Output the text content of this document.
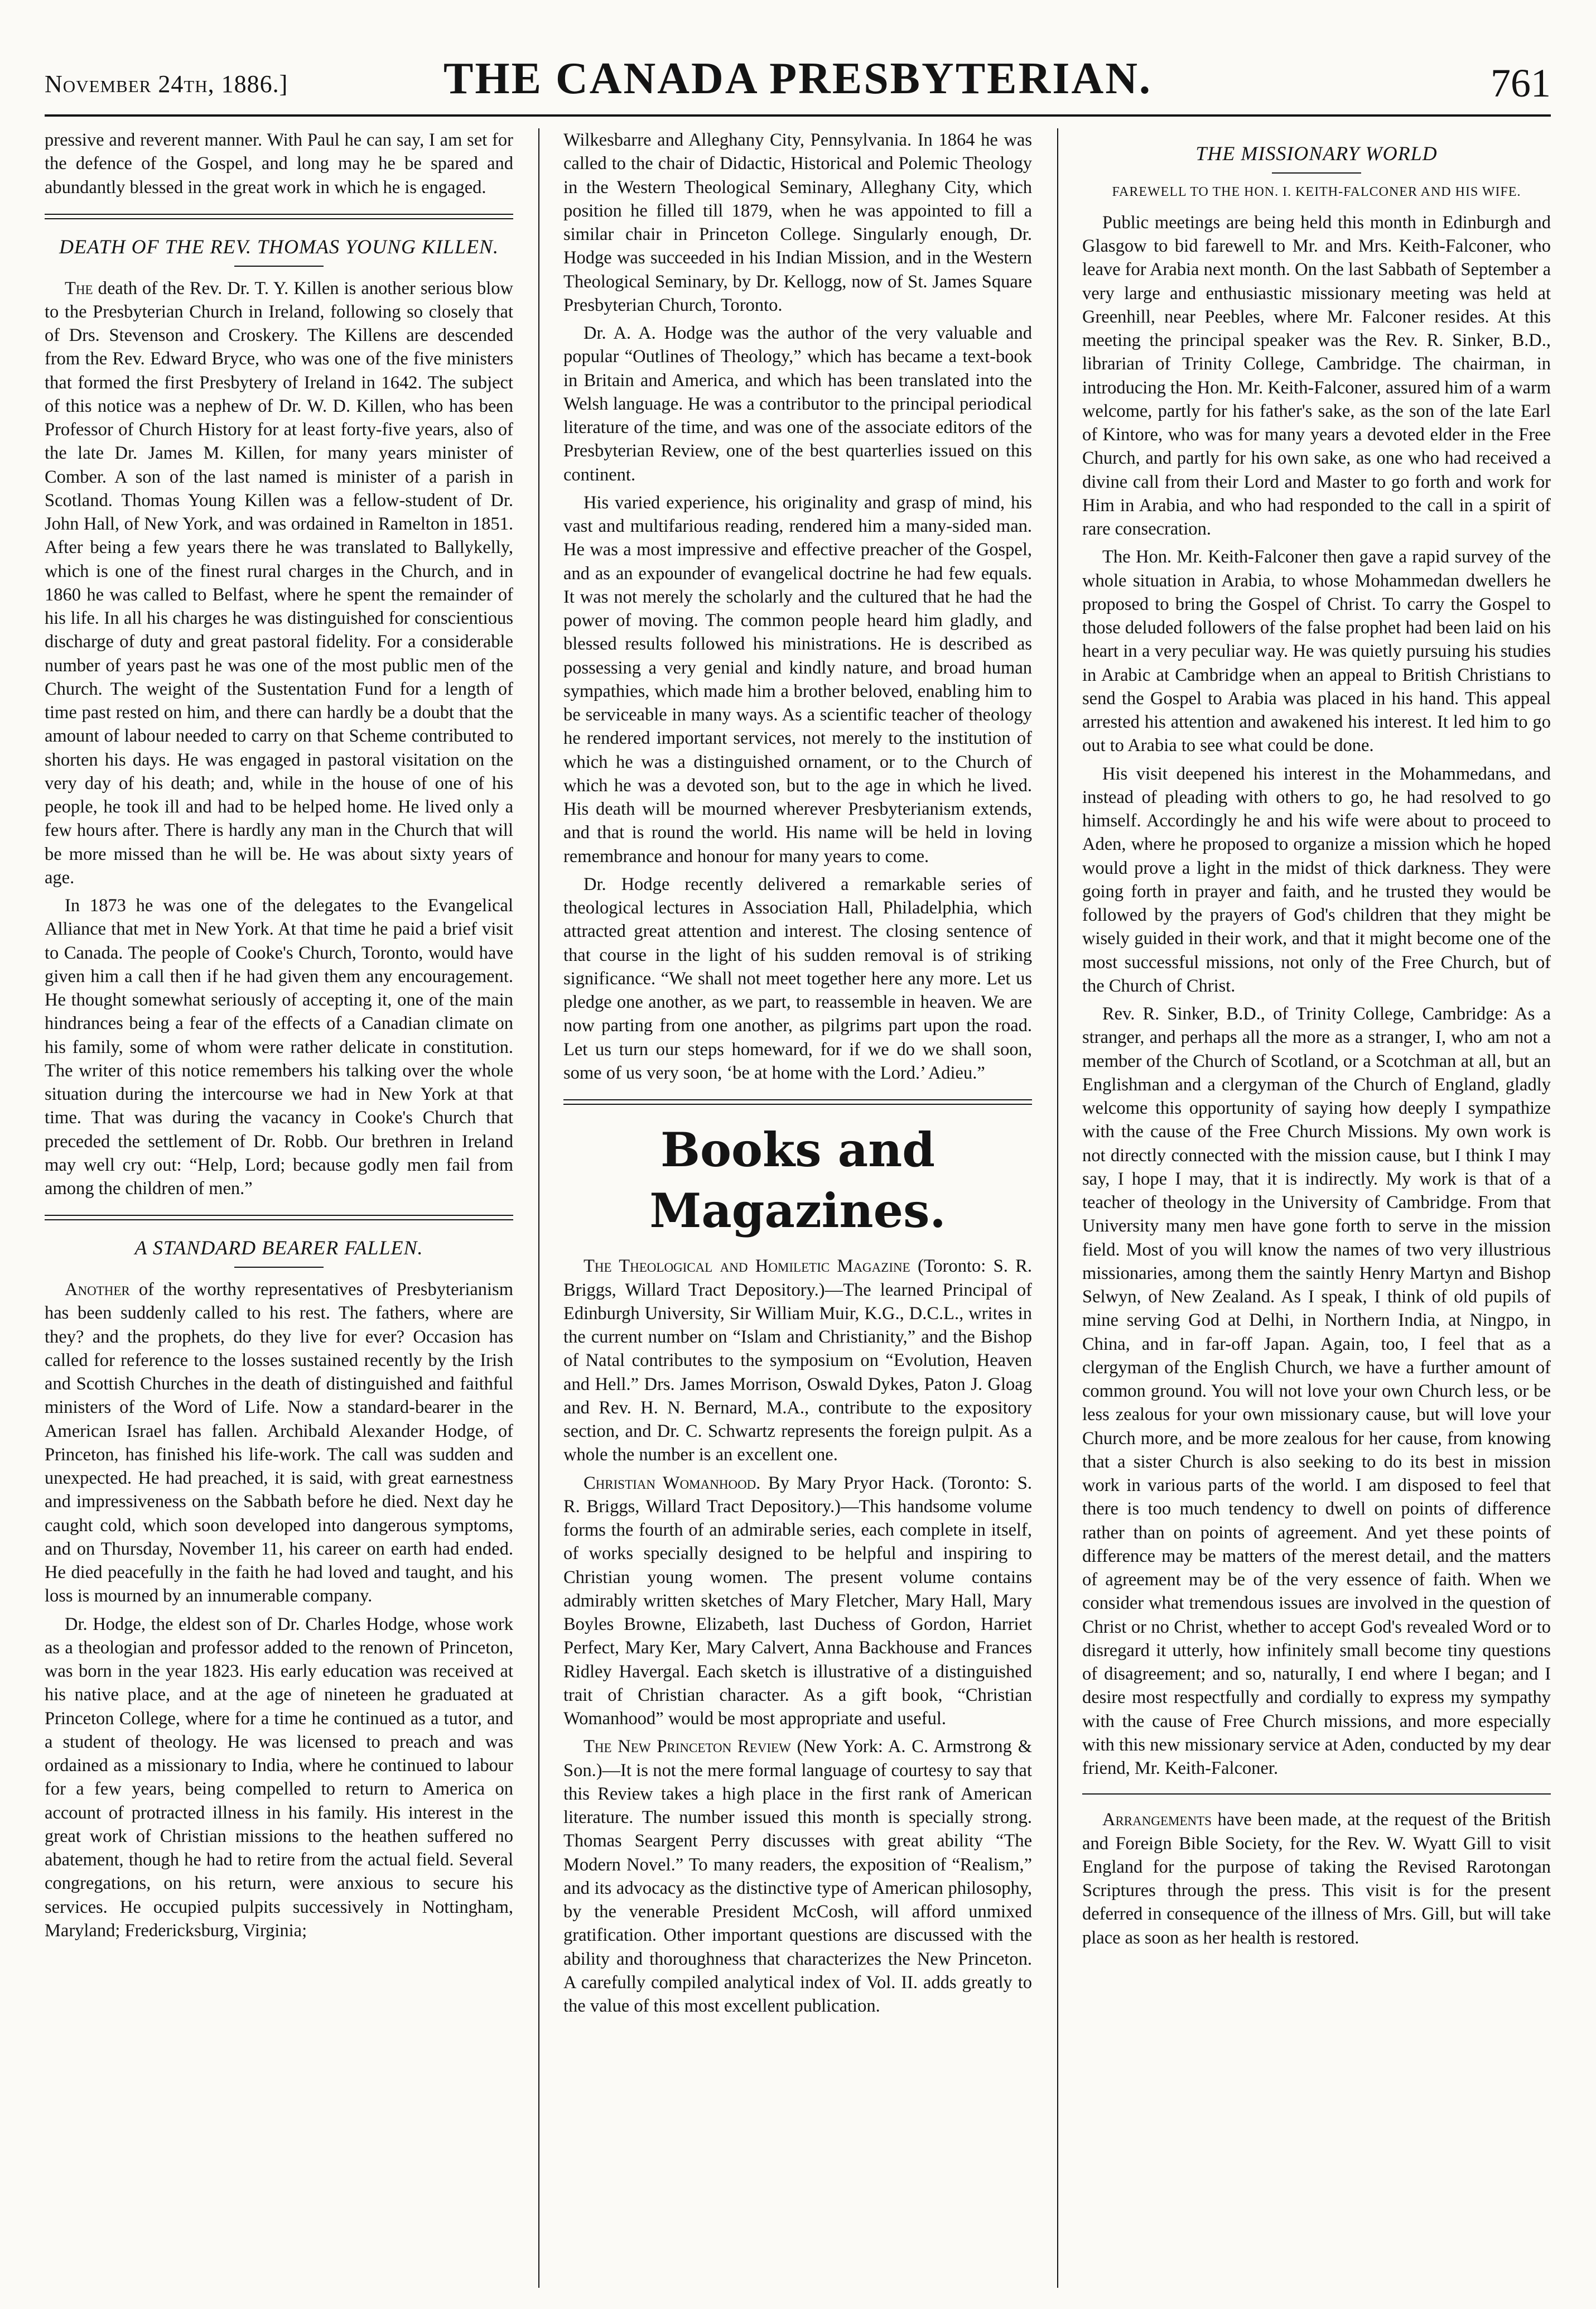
November 24th, 1886.]	THE CANADA PRESBYTERIAN.	761

pressive and reverent manner. With Paul he can say, I am set for the defence of the Gospel, and long may he be spared and abundantly blessed in the great work in which he is engaged.

DEATH OF THE REV. THOMAS YOUNG KILLEN.

The death of the Rev. Dr. T. Y. Killen is another serious blow to the Presbyterian Church in Ireland, following so closely that of Drs. Stevenson and Croskery. The Killens are descended from the Rev. Edward Bryce, who was one of the five ministers that formed the first Presbytery of Ireland in 1642. The subject of this notice was a nephew of Dr. W. D. Killen, who has been Professor of Church History for at least forty-five years, also of the late Dr. James M. Killen, for many years minister of Comber. A son of the last named is minister of a parish in Scotland. Thomas Young Killen was a fellow-student of Dr. John Hall, of New York, and was ordained in Ramelton in 1851. After being a few years there he was translated to Ballykelly, which is one of the finest rural charges in the Church, and in 1860 he was called to Belfast, where he spent the remainder of his life. In all his charges he was distinguished for conscientious discharge of duty and great pastoral fidelity. For a considerable number of years past he was one of the most public men of the Church. The weight of the Sustentation Fund for a length of time past rested on him, and there can hardly be a doubt that the amount of labour needed to carry on that Scheme contributed to shorten his days. He was engaged in pastoral visitation on the very day of his death; and, while in the house of one of his people, he took ill and had to be helped home. He lived only a few hours after. There is hardly any man in the Church that will be more missed than he will be. He was about sixty years of age.

In 1873 he was one of the delegates to the Evangelical Alliance that met in New York. At that time he paid a brief visit to Canada. The people of Cooke's Church, Toronto, would have given him a call then if he had given them any encouragement. He thought somewhat seriously of accepting it, one of the main hindrances being a fear of the effects of a Canadian climate on his family, some of whom were rather delicate in constitution. The writer of this notice remembers his talking over the whole situation during the intercourse we had in New York at that time. That was during the vacancy in Cooke's Church that preceded the settlement of Dr. Robb. Our brethren in Ireland may well cry out: “Help, Lord; because godly men fail from among the children of men.”

A STANDARD BEARER FALLEN.

Another of the worthy representatives of Presbyterianism has been suddenly called to his rest. The fathers, where are they? and the prophets, do they live for ever? Occasion has called for reference to the losses sustained recently by the Irish and Scottish Churches in the death of distinguished and faithful ministers of the Word of Life. Now a standard-bearer in the American Israel has fallen. Archibald Alexander Hodge, of Princeton, has finished his life-work. The call was sudden and unexpected. He had preached, it is said, with great earnestness and impressiveness on the Sabbath before he died. Next day he caught cold, which soon developed into dangerous symptoms, and on Thursday, November 11, his career on earth had ended. He died peacefully in the faith he had loved and taught, and his loss is mourned by an innumerable company.

Dr. Hodge, the eldest son of Dr. Charles Hodge, whose work as a theologian and professor added to the renown of Princeton, was born in the year 1823. His early education was received at his native place, and at the age of nineteen he graduated at Princeton College, where for a time he continued as a tutor, and a student of theology. He was licensed to preach and was ordained as a missionary to India, where he continued to labour for a few years, being compelled to return to America on account of protracted illness in his family. His interest in the great work of Christian missions to the heathen suffered no abatement, though he had to retire from the actual field. Several congregations, on his return, were anxious to secure his services. He occupied pulpits successively in Nottingham, Maryland; Fredericksburg, Virginia;

Wilkesbarre and Alleghany City, Pennsylvania. In 1864 he was called to the chair of Didactic, Historical and Polemic Theology in the Western Theological Seminary, Alleghany City, which position he filled till 1879, when he was appointed to fill a similar chair in Princeton College. Singularly enough, Dr. Hodge was succeeded in his Indian Mission, and in the Western Theological Seminary, by Dr. Kellogg, now of St. James Square Presbyterian Church, Toronto.

Dr. A. A. Hodge was the author of the very valuable and popular “Outlines of Theology,” which has became a text-book in Britain and America, and which has been translated into the Welsh language. He was a contributor to the principal periodical literature of the time, and was one of the associate editors of the Presbyterian Review, one of the best quarterlies issued on this continent.

His varied experience, his originality and grasp of mind, his vast and multifarious reading, rendered him a many-sided man. He was a most impressive and effective preacher of the Gospel, and as an expounder of evangelical doctrine he had few equals. It was not merely the scholarly and the cultured that he had the power of moving. The common people heard him gladly, and blessed results followed his ministrations. He is described as possessing a very genial and kindly nature, and broad human sympathies, which made him a brother beloved, enabling him to be serviceable in many ways. As a scientific teacher of theology he rendered important services, not merely to the institution of which he was a distinguished ornament, or to the Church of which he was a devoted son, but to the age in which he lived. His death will be mourned wherever Presbyterianism extends, and that is round the world. His name will be held in loving remembrance and honour for many years to come.

Dr. Hodge recently delivered a remarkable series of theological lectures in Association Hall, Philadelphia, which attracted great attention and interest. The closing sentence of that course in the light of his sudden removal is of striking significance. “We shall not meet together here any more. Let us pledge one another, as we part, to reassemble in heaven. We are now parting from one another, as pilgrims part upon the road. Let us turn our steps homeward, for if we do we shall soon, some of us very soon, ‘be at home with the Lord.’ Adieu.”

Books and Magazines.

The Theological and Homiletic Magazine (Toronto: S. R. Briggs, Willard Tract Depository.)—The learned Principal of Edinburgh University, Sir William Muir, K.G., D.C.L., writes in the current number on “Islam and Christianity,” and the Bishop of Natal contributes to the symposium on “Evolution, Heaven and Hell.” Drs. James Morrison, Oswald Dykes, Paton J. Gloag and Rev. H. N. Bernard, M.A., contribute to the expository section, and Dr. C. Schwartz represents the foreign pulpit. As a whole the number is an excellent one.

Christian Womanhood. By Mary Pryor Hack. (Toronto: S. R. Briggs, Willard Tract Depository.)—This handsome volume forms the fourth of an admirable series, each complete in itself, of works specially designed to be helpful and inspiring to Christian young women. The present volume contains admirably written sketches of Mary Fletcher, Mary Hall, Mary Boyles Browne, Elizabeth, last Duchess of Gordon, Harriet Perfect, Mary Ker, Mary Calvert, Anna Backhouse and Frances Ridley Havergal. Each sketch is illustrative of a distinguished trait of Christian character. As a gift book, “Christian Womanhood” would be most appropriate and useful.

The New Princeton Review (New York: A. C. Armstrong & Son.)—It is not the mere formal language of courtesy to say that this Review takes a high place in the first rank of American literature. The number issued this month is specially strong. Thomas Seargent Perry discusses with great ability “The Modern Novel.” To many readers, the exposition of “Realism,” and its advocacy as the distinctive type of American philosophy, by the venerable President McCosh, will afford unmixed gratification. Other important questions are discussed with the ability and thoroughness that characterizes the New Princeton. A carefully compiled analytical index of Vol. II. adds greatly to the value of this most excellent publication.

THE MISSIONARY WORLD
FAREWELL TO THE HON. I. KEITH-FALCONER AND HIS WIFE.

Public meetings are being held this month in Edinburgh and Glasgow to bid farewell to Mr. and Mrs. Keith-Falconer, who leave for Arabia next month. On the last Sabbath of September a very large and enthusiastic missionary meeting was held at Greenhill, near Peebles, where Mr. Falconer resides. At this meeting the principal speaker was the Rev. R. Sinker, B.D., librarian of Trinity College, Cambridge. The chairman, in introducing the Hon. Mr. Keith-Falconer, assured him of a warm welcome, partly for his father's sake, as the son of the late Earl of Kintore, who was for many years a devoted elder in the Free Church, and partly for his own sake, as one who had received a divine call from their Lord and Master to go forth and work for Him in Arabia, and who had responded to the call in a spirit of rare consecration.

The Hon. Mr. Keith-Falconer then gave a rapid survey of the whole situation in Arabia, to whose Mohammedan dwellers he proposed to bring the Gospel of Christ. To carry the Gospel to those deluded followers of the false prophet had been laid on his heart in a very peculiar way. He was quietly pursuing his studies in Arabic at Cambridge when an appeal to British Christians to send the Gospel to Arabia was placed in his hand. This appeal arrested his attention and awakened his interest. It led him to go out to Arabia to see what could be done.

His visit deepened his interest in the Mohammedans, and instead of pleading with others to go, he had resolved to go himself. Accordingly he and his wife were about to proceed to Aden, where he proposed to organize a mission which he hoped would prove a light in the midst of thick darkness. They were going forth in prayer and faith, and he trusted they would be followed by the prayers of God's children that they might be wisely guided in their work, and that it might become one of the most successful missions, not only of the Free Church, but of the Church of Christ.

Rev. R. Sinker, B.D., of Trinity College, Cambridge: As a stranger, and perhaps all the more as a stranger, I, who am not a member of the Church of Scotland, or a Scotchman at all, but an Englishman and a clergyman of the Church of England, gladly welcome this opportunity of saying how deeply I sympathize with the cause of the Free Church Missions. My own work is not directly connected with the mission cause, but I think I may say, I hope I may, that it is indirectly. My work is that of a teacher of theology in the University of Cambridge. From that University many men have gone forth to serve in the mission field. Most of you will know the names of two very illustrious missionaries, among them the saintly Henry Martyn and Bishop Selwyn, of New Zealand. As I speak, I think of old pupils of mine serving God at Delhi, in Northern India, at Ningpo, in China, and in far-off Japan. Again, too, I feel that as a clergyman of the English Church, we have a further amount of common ground. You will not love your own Church less, or be less zealous for your own missionary cause, but will love your Church more, and be more zealous for her cause, from knowing that a sister Church is also seeking to do its best in mission work in various parts of the world. I am disposed to feel that there is too much tendency to dwell on points of difference rather than on points of agreement. And yet these points of difference may be matters of the merest detail, and the matters of agreement may be of the very essence of faith. When we consider what tremendous issues are involved in the question of Christ or no Christ, whether to accept God's revealed Word or to disregard it utterly, how infinitely small become tiny questions of disagreement; and so, naturally, I end where I began; and I desire most respectfully and cordially to express my sympathy with the cause of Free Church missions, and more especially with this new missionary service at Aden, conducted by my dear friend, Mr. Keith-Falconer.

Arrangements have been made, at the request of the British and Foreign Bible Society, for the Rev. W. Wyatt Gill to visit England for the purpose of taking the Revised Rarotongan Scriptures through the press. This visit is for the present deferred in consequence of the illness of Mrs. Gill, but will take place as soon as her health is restored.
